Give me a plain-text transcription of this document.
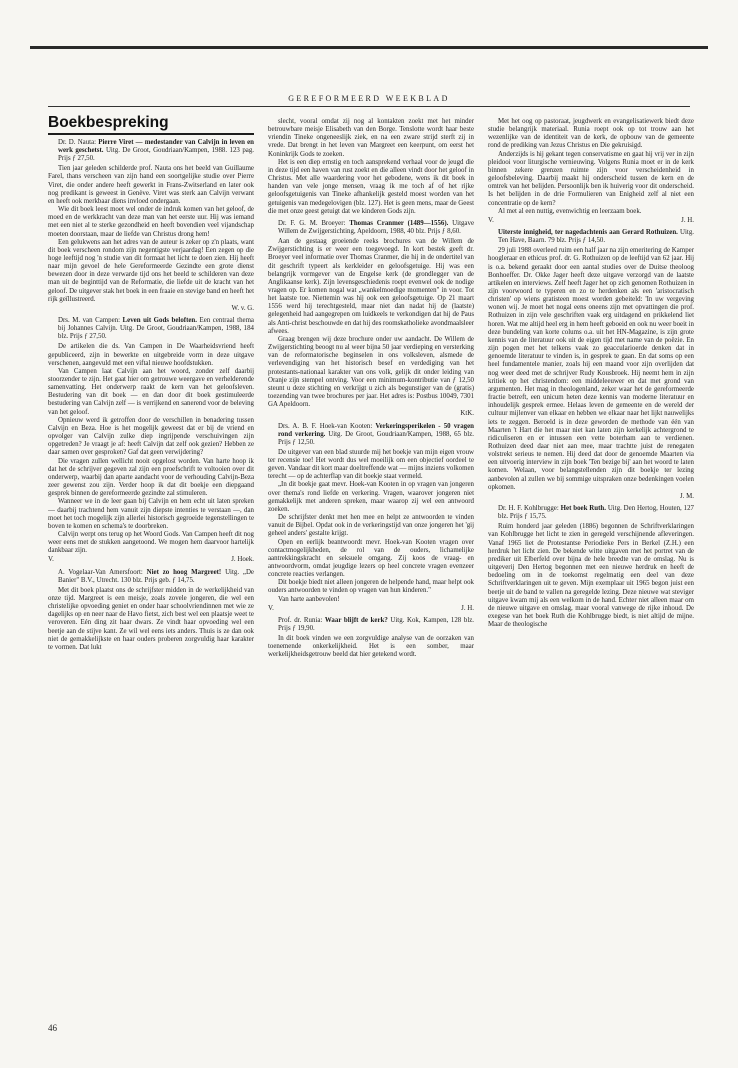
GEREFORMEERD WEEKBLAD
Boekbespreking
Dr. D. Nauta: Pierre Viret — medestander van Calvijn in leven en werk geschetst. Uitg. De Groot, Goudriaan/Kampen, 1988. 123 pag. Prijs ƒ 27,50.

Tien jaar geleden schilderde prof. Nauta ons het beeld van Guillaume Farel, thans verscheen van zijn hand een soortgelijke studie over Pierre Viret, die onder andere heeft gewerkt in Frans-Zwitserland en later ook nog predikant is geweest in Genève. Viret was sterk aan Calvijn verwant en heeft ook merkbaar diens invloed ondergaan.

Wie dit boek leest moet wel onder de indruk komen van het geloof, de moed en de werkkracht van deze man van het eerste uur. Hij was iemand met een niet al te sterke gezondheid en heeft bovendien veel vijandschap moeten doorstaan, maar de liefde van Christus drong hem!

Een gelukwens aan het adres van de auteur is zeker op z'n plaats, want dit boek verscheen rondom zijn negentigste verjaardag! Een zegen op die hoge leeftijd nog 'n studie van dit formaat het licht te doen zien. Hij heeft naar mijn gevoel de hele Gereformeerde Gezindte een grote dienst bewezen door in deze verwarde tijd ons het beeld te schilderen van deze man uit de beginttijd van de Reformatie, die liefde uit de kracht van het geloof. De uitgever stak het boek in een fraaie en stevige band en heeft het rijk geïllustreerd.

W. v. G.
Drs. M. van Campen: Leven uit Gods beloften. Een centraal thema bij Johannes Calvijn. Uitg. De Groot, Goudriaan/Kampen, 1988, 184 blz. Prijs ƒ 27,50.

De artikelen die ds. Van Campen in De Waarheidsvriend heeft gepubliceerd, zijn in bewerkte en uitgebreide vorm in deze uitgave verschenen, aangevuld met een viftal nieuwe hoofdstukken.

Van Campen laat Calvijn aan het woord, zonder zelf daarbij stoorzender te zijn. Het gaat hier om getrouwe weergave en verhelderende samenvatting. Het onderwerp raakt de kern van het geloofsleven. Bestudering van dit boek — en dan door dit boek gestimuleerde bestudering van Calvijn zelf — is verrijkend en sanerend voor de beleving van het geloof.

Opnieuw werd ik getroffen door de verschillen in benadering tussen Calvijn en Beza. Hoe is het mogelijk geweest dat er bij de vriend en opvolger van Calvijn zulke diep ingrijpende verschuivingen zijn opgetreden? Je vraagt je af: heeft Calvijn dat zelf ook gezien? Hebben ze daar samen over gesproken? Gaf dat geen verwijdering?

Die vragen zullen wellicht nooit opgelost worden. Van harte hoop ik dat het de schrijver gegeven zal zijn een proefschrift te voltooien over dit onderwerp, waarbij dan aparte aandacht voor de verhouding Calvijn-Beza zeer gewenst zou zijn. Verder hoop ik dat dit boekje een diepgaand gesprek binnen de gereformeerde gezindte zal stimuleren.

Wanneer we in de leer gaan bij Calvijn en hem echt uit laten spreken — daarbij trachtend hem vanuit zijn diepste intenties te verstaan —, dan moet het toch mogelijk zijn allerlei historisch gegroeide tegenstellingen te boven te komen en schema's te doorbreken.

Calvijn werpt ons terug op het Woord Gods. Van Campen heeft dit nog weer eens met de stukken aangetoond. We mogen hem daarvoor hartelijk dankbaar zijn.

V.	J. Hoek.
A. Vogelaar-Van Amersfoort: Niet zo hoog Margreet! Uitg. „De Banier" B.V., Utrecht. 130 blz. Prijs geb. ƒ 14,75.

Met dit boek plaatst ons de schrijfster midden in de werkelijkheid van onze tijd. Margreet is een meisje, zoals zovele jongeren, die wel een christelijke opvoeding geniet en onder haar schoolvriendinnen met wie ze dagelijks op en neer naar de Havo fietst, zich best wel een plaatsje weet te veroveren. Eén ding zit haar dwars. Ze vindt haar opvoeding wel een beetje aan de stijve kant. Ze wil wel eens iets anders. Thuis is ze dan ook niet de gemakkelijkste en haar ouders proberen zorgvuldig haar karakter te vormen. Dat lukt

slecht, vooral omdat zij nog al kontakten zoekt met het minder betrouwbare meisje Elisabeth van den Borge. Tenslotte wordt haar beste vriendin Tineke ongeneeslijk ziek, en na een zware strijd sterft zij in vrede. Dat brengt in het leven van Margreet een keerpunt, om eerst het Koninkrijk Gods te zoeken.

Het is een diep ernstig en toch aansprekend verhaal voor de jeugd die in deze tijd een haven van rust zoekt en die alleen vindt door het geloof in Christus. Met alle waardering voor het gebodene, wens ik dit boek in handen van vele jonge mensen, vraag ik me toch af of het rijke geloofsgetuigenis van Tineke afhankelijk gesteld moest worden van het getuigenis van medegelovigen (blz. 127). Het is geen mens, maar de Geest die met onze geest getuigt dat we kinderen Gods zijn.

Dr. F. G. M. Broeyer: Thomas Cranmer (1489—1556). Uitgave Willem de Zwijgerstichting, Apeldoorn, 1988, 40 blz. Prijs ƒ 8,60.

Aan de gestaag groeiende reeks brochures van de Willem de Zwijgerstichting is er weer een toegevoegd. In kort bestek geeft dr. Broeyer veel informatie over Thomas Cranmer, die hij in de ondertitel van dit geschrift typeert als kerkleider en geloofsgetuige. Hij was een belangrijk vormgever van de Engelse kerk (de grondlegger van de Anglikaanse kerk). Zijn levensgeschiedenis roept evenwel ook de nodige vragen op. Er komen nogal wat „wankelmoedige momenten" in voor. Tot het laatste toe. Niettemin was hij ook een geloofsgetuige. Op 21 maart 1556 werd hij terechtgesteld, maar niet dan nadat hij de (laatste) gelegenheid had aangegrepen om luidkeels te verkondigen dat hij de Paus als Anti-christ beschouwde en dat hij des roomskatholieke avondmaalsleer afwees.

Graag brengen wij deze brochure onder uw aandacht. De Willem de Zwijgerstichting beoogt nu al weer bijna 50 jaar verdieping en versterking van de reformatorische beginselen in ons volksleven, alsmede de verlevendiging van het historisch besef en verdediging van het protestants-nationaal karakter van ons volk, gelijk dit onder leiding van Oranje zijn stempel ontving. Voor een minimum-kontributie van ƒ 12,50 steunt u deze stichting en verkrijgt u zich als begunstiger van de (gratis) toezending van twee brochures per jaar. Het adres is: Postbus 10049, 7301 GA Apeldoorn.

KtK.
Drs. A. B. F. Hoek-van Kooten: Verkeringsperikelen - 50 vragen rond verkering. Uitg. De Groot, Goudriaan/Kampen, 1988, 65 blz. Prijs ƒ 12,50.

De uitgever van een blad stuurde mij het boekje van mijn eigen vrouw ter recensie toe! Het wordt dus wel moeilijk om een objectief oordeel te geven. Vandaar dit kort maar doeltreffende wat — mijns inziens volkomen terecht — op de achterflap van dit boekje staat vermeld.

„In dit boekje gaat mevr. Hoek-van Kooten in op vragen van jongeren over thema's rond liefde en verkering. Vragen, waarover jongeren niet gemakkelijk met anderen spreken, maar waarop zij wel een antwoord zoeken.

De schrijfster denkt met hen mee en helpt ze antwoorden te vinden vanuit de Bijbel. Opdat ook in de verkeringstijd van onze jongeren het 'gij geheel anders' gestalte krijgt.

Open en eerlijk beantwoordt mevr. Hoek-van Kooten vragen over contactmogelijkheden, de rol van de ouders, lichamelijke aantrekkingskracht en seksuele omgang. Zij koos de vraag- en antwoordvorm, omdat jeugdige lezers op heel concrete vragen evenzeer concrete reacties verlangen.

Dit boekje biedt niet alleen jongeren de helpende hand, maar helpt ook ouders antwoorden te vinden op vragen van hun kinderen."

Van harte aanbevolen!

V.	J. H.
Prof. dr. Runia: Waar blijft de kerk? Uitg. Kok, Kampen, 128 blz. Prijs ƒ 19,90.

In dit boek vinden we een zorgvuldige analyse van de oorzaken van toenemende onkerkelijkheid. Het is een somber, maar werkelijkheidsgetrouw beeld dat hier getekend wordt.

Met het oog op pastoraat, jeugdwerk en evangelisatiewerk biedt deze studie belangrijk materiaal. Runia roept ook op tot trouw aan het wezenlijke van de identiteit van de kerk, de opbouw van de gemeente rond de prediking van Jezus Christus en Die gekruisigd.

Anderzijds is hij gekant tegen conservatisme en gaat hij vrij ver in zijn pleidooi voor liturgische vernieuwing. Volgens Runia moet er in de kerk binnen zekere grenzen ruimte zijn voor verscheidenheid in geloofsbeleving. Daarbij maakt hij onderscheid tussen de kern en de omtrek van het belijden. Persoonlijk ben ik huiverig voor dit onderscheid. Is het belijden in de drie Formulieren van Enigheid zelf al niet een concentratie op de kern?

Al met al een nuttig, evenwichtig en leerzaam boek.

V.	J. H.
Uiterste innigheid, ter nagedachtenis aan Gerard Rothuizen. Uitg. Ten Have, Baarn. 79 blz. Prijs ƒ 14,50.

29 juli 1988 overleed ruim een half jaar na zijn emeritering de Kamper hoogleraar en ethicus prof. dr. G. Rothuizen op de leeftijd van 62 jaar. Hij is o.a. bekend geraakt door een aantal studies over de Duitse theoloog Bonhoeffer. Dr. Okke Jager heeft deze uitgave verzorgd van de laatste artikelen en interviews. Zelf heeft Jager het op zich genomen Rothuizen in zijn voorwoord te typeren en zo te herdenken als een 'aristocratisch christen' op wiens gratisteen moest worden gebeiteld: 'In uw vergeving wonen wij. Je moet het nogal eens oneens zijn met opvattingen die prof. Rothuizen in zijn vele geschriften vaak erg uitdagend en prikkelend liet horen. Wat me altijd heel erg in hem heeft geboeid en ook nu weer boeit in deze bundeling van korte colums o.a. uit het HN-Magazine, is zijn grote kennis van de literatuur ook uit de eigen tijd met name van de poëzie. En zijn pogen met het telkens vaak zo geaccularioerde denken dat in genoemde literatuur te vinden is, in gesprek te gaan. En dat soms op een heel fundamentele manier, zoals hij een maand voor zijn overlijden dat nog weer deed met de schrijver Rudy Kousbroek. Hij neemt hem in zijn kritiek op het christendom: een middeleeuwer en dat met grond van argumenten. Het mag in theologenland, zeker waar het de gereformeerde fractie betreft, een unicum heten deze kennis van moderne literatuur en inhoudelijk gesprek ermee. Helaas leven de gemeente en de wereld der cultuur mijlenver van elkaar en hebben we elkaar naar het lijkt nauwelijks iets te zeggen. Beroeld is in deze geworden de methode van één van Maarten 't Hart die het maar niet kan laten zijn kerkelijk achtergrond te ridiculiseren en er intussen een vette boterham aan te verdienen. Rothuizen deed daar niet aan mee, maar trachtte juist de renegaten volstrekt serieus te nemen. Hij deed dat door de genoemde Maarten via een uitvoerig interview in zijn boek 'Ten bezige bij' aan het woord te laten komen. Welaan, voor belangstellenden zijn dit boekje ter lezing aanbevolen al zullen we bij sommige uitspraken onze bedenkingen voelen opkomen.

J. M.
Dr. H. F. Kohlbrugge: Het boek Ruth. Uitg. Den Hertog, Houten, 127 blz. Prijs ƒ 15,75.

Ruim honderd jaar geleden (1886) begonnen de Schriftverklaringen van Kohlbrugge het licht te zien in geregeld verschijnende afleveringen. Vanaf 1965 liet de Protestantse Periodieke Pers in Berkel (Z.H.) een herdruk het licht zien. De bekende witte uitgaven met het portret van de prediker uit Elberfeld over bijna de hele breedte van de omslag. Nu is uitgeverij Den Hertog begonnen met een nieuwe herdruk en heeft de bedoeling om in de toekomst regelmatig een deel van deze Schriftverklaringen uit te geven. Mijn exemplaar uit 1965 begon juist een beetje uit de band te vallen na geregelde lezing. Deze nieuwe wat steviger uitgave kwam mij als een welkom in de hand. Echter niet alleen maar om de nieuwe uitgave en omslag, maar vooral vanwege de rijke inhoud. De exegese van het boek Ruth die Kohlbrugge biedt, is niet altijd de mijne. Maar de theologische

46
